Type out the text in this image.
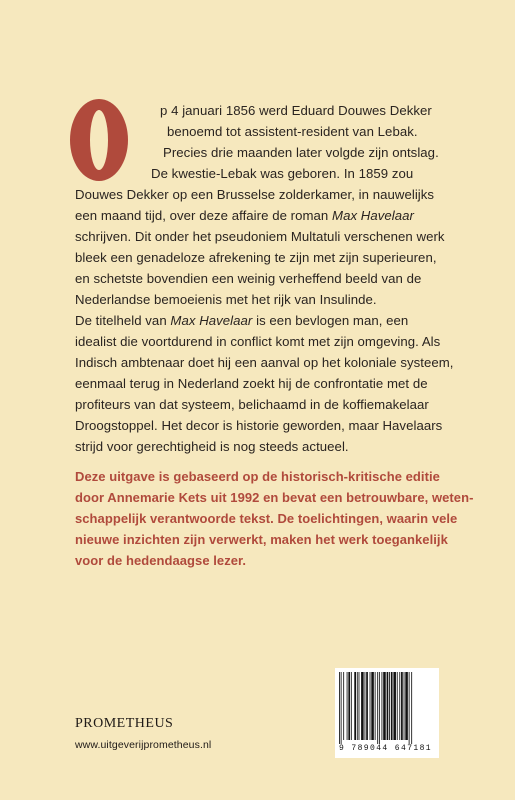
p 4 januari 1856 werd Eduard Douwes Dekker
benoemd tot assistent-resident van Lebak.
Precies drie maanden later volgde zijn ontslag.
De kwestie-Lebak was geboren. In 1859 zou
Douwes Dekker op een Brusselse zolderkamer, in nauwelijks
een maand tijd, over deze affaire de roman Max Havelaar
schrijven. Dit onder het pseudoniem Multatuli verschenen werk
bleek een genadeloze afrekening te zijn met zijn superieuren,
en schetste bovendien een weinig verheffend beeld van de
Nederlandse bemoeienis met het rijk van Insulinde.
De titelheld van Max Havelaar is een bevlogen man, een
idealist die voortdurend in conflict komt met zijn omgeving. Als
Indisch ambtenaar doet hij een aanval op het koloniale systeem,
eenmaal terug in Nederland zoekt hij de confrontatie met de
profiteurs van dat systeem, belichaamd in de koffiemakelaar
Droogstoppel. Het decor is historie geworden, maar Havelaars
strijd voor gerechtigheid is nog steeds actueel.
Deze uitgave is gebaseerd op de historisch-kritische editie
door Annemarie Kets uit 1992 en bevat een betrouwbare, weten-
schappelijk verantwoorde tekst. De toelichtingen, waarin vele
nieuwe inzichten zijn verwerkt, maken het werk toegankelijk
voor de hedendaagse lezer.
PROMETHEUS
www.uitgeverijprometheus.nl	9 789044 647181
